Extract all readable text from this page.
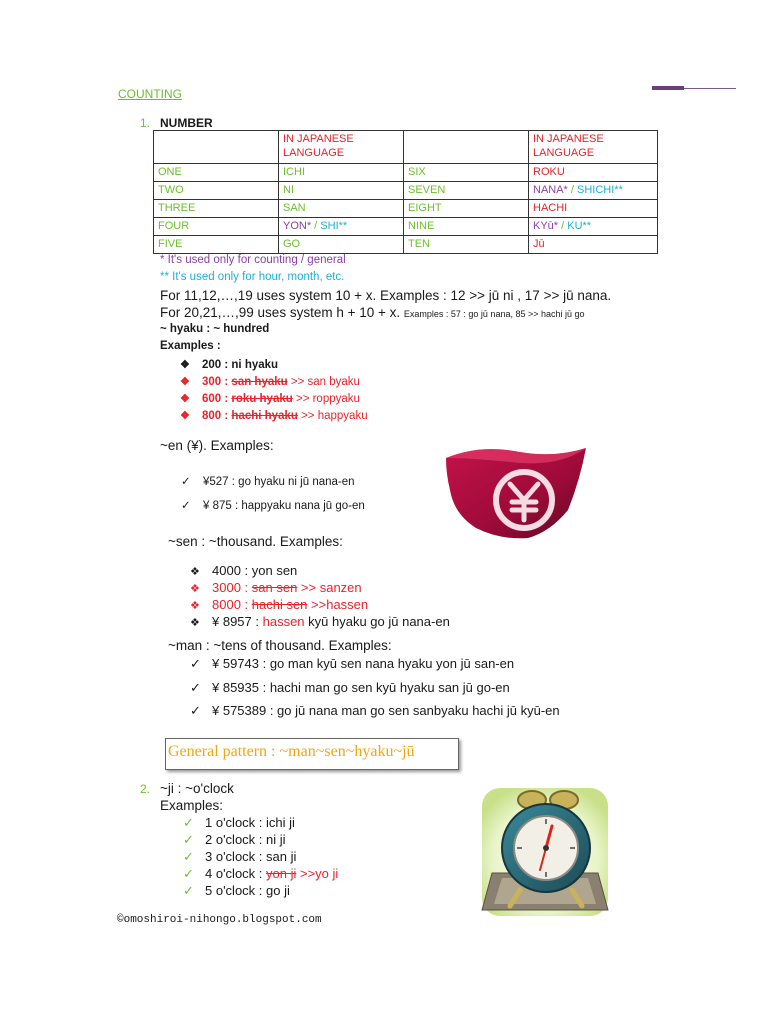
COUNTING
1. NUMBER
	IN JAPANESE
LANGUAGE		IN JAPANESE
LANGUAGE
ONE	ICHI	SIX	ROKU
TWO	NI	SEVEN	NANA* / SHICHI**
THREE	SAN	EIGHT	HACHI
FOUR	YON* / SHI**	NINE	KYū* / KU**
FIVE	GO	TEN	Jū
* It's used only for counting / general
** It's used only for hour, month, etc.
For 11,12,…,19 uses system 10 + x. Examples : 12 >> jū ni , 17 >> jū nana.
For 20,21,…,99 uses system h + 10 + x. Examples : 57 : go jū nana, 85 >> hachi jū go
~ hyaku : ~ hundred
Examples :
❖ 200 : ni hyaku
❖ 300 : san hyaku >> san byaku
❖ 600 : roku hyaku >> roppyaku
❖ 800 : hachi hyaku >> happyaku
~en (¥). Examples:
✓ ¥527 : go hyaku ni jū nana-en
✓ ¥ 875 : happyaku nana jū go-en
~sen : ~thousand. Examples:
❖ 4000 : yon sen
❖ 3000 : san sen >> sanzen
❖ 8000 : hachi sen >>hassen
❖ ¥ 8957 : hassen kyū hyaku go jū nana-en
~man : ~tens of thousand. Examples:
✓ ¥ 59743 : go man kyū sen nana hyaku yon jū san-en
✓ ¥ 85935 : hachi man go sen kyū hyaku san jū go-en
✓ ¥ 575389 : go jū nana man go sen sanbyaku hachi jū kyū-en
General pattern : ~man~sen~hyaku~jū
2. ~ji : ~o'clock
Examples:
✓ 1 o'clock : ichi ji
✓ 2 o'clock : ni ji
✓ 3 o'clock : san ji
✓ 4 o'clock : yon ji >>yo ji
✓ 5 o'clock : go ji
©omoshiroi-nihongo.blogspot.com
